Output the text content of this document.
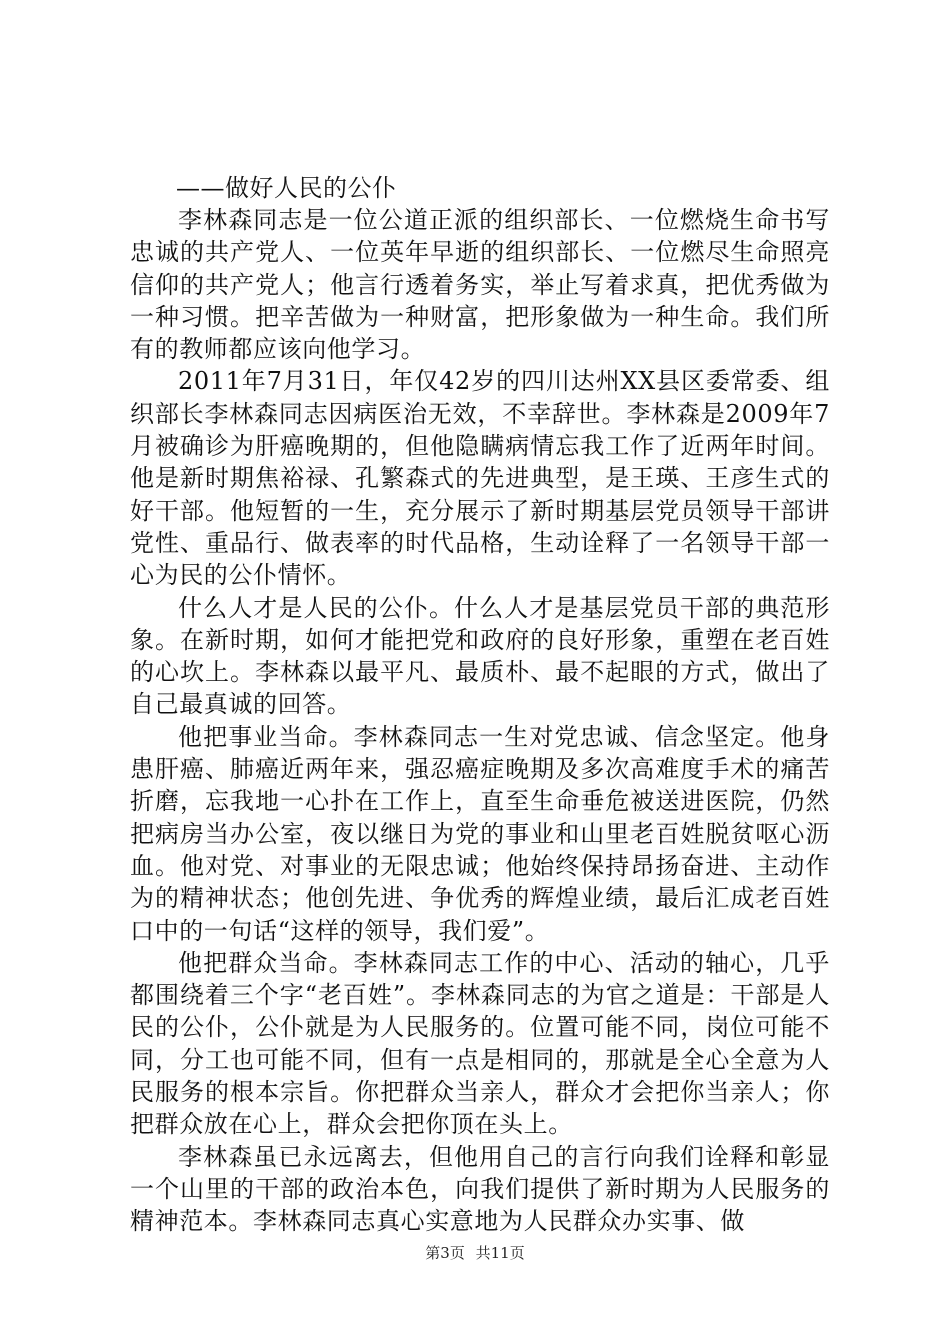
——做好人民的公仆

李林森同志是一位公道正派的组织部长、一位燃烧生命书写忠诚的共产党人、一位英年早逝的组织部长、一位燃尽生命照亮信仰的共产党人；他言行透着务实，举止写着求真，把优秀做为一种习惯。把辛苦做为一种财富，把形象做为一种生命。我们所有的教师都应该向他学习。

2011年7月31日，年仅42岁的四川达州XX县区委常委、组织部长李林森同志因病医治无效，不幸辞世。李林森是2009年7月被确诊为肝癌晚期的，但他隐瞒病情忘我工作了近两年时间。他是新时期焦裕禄、孔繁森式的先进典型，是王瑛、王彦生式的好干部。他短暂的一生，充分展示了新时期基层党员领导干部讲党性、重品行、做表率的时代品格，生动诠释了一名领导干部一心为民的公仆情怀。

什么人才是人民的公仆。什么人才是基层党员干部的典范形象。在新时期，如何才能把党和政府的良好形象，重塑在老百姓的心坎上。李林森以最平凡、最质朴、最不起眼的方式，做出了自己最真诚的回答。

他把事业当命。李林森同志一生对党忠诚、信念坚定。他身患肝癌、肺癌近两年来，强忍癌症晚期及多次高难度手术的痛苦折磨，忘我地一心扑在工作上，直至生命垂危被送进医院，仍然把病房当办公室，夜以继日为党的事业和山里老百姓脱贫呕心沥血。他对党、对事业的无限忠诚；他始终保持昂扬奋进、主动作为的精神状态；他创先进、争优秀的辉煌业绩，最后汇成老百姓口中的一句话“这样的领导，我们爱”。

他把群众当命。李林森同志工作的中心、活动的轴心，几乎都围绕着三个字“老百姓”。李林森同志的为官之道是：干部是人民的公仆，公仆就是为人民服务的。位置可能不同，岗位可能不同，分工也可能不同，但有一点是相同的，那就是全心全意为人民服务的根本宗旨。你把群众当亲人，群众才会把你当亲人；你把群众放在心上，群众会把你顶在头上。

李林森虽已永远离去，但他用自己的言行向我们诠释和彰显一个山里的干部的政治本色，向我们提供了新时期为人民服务的精神范本。李林森同志真心实意地为人民群众办实事、做

第3页 共11页
